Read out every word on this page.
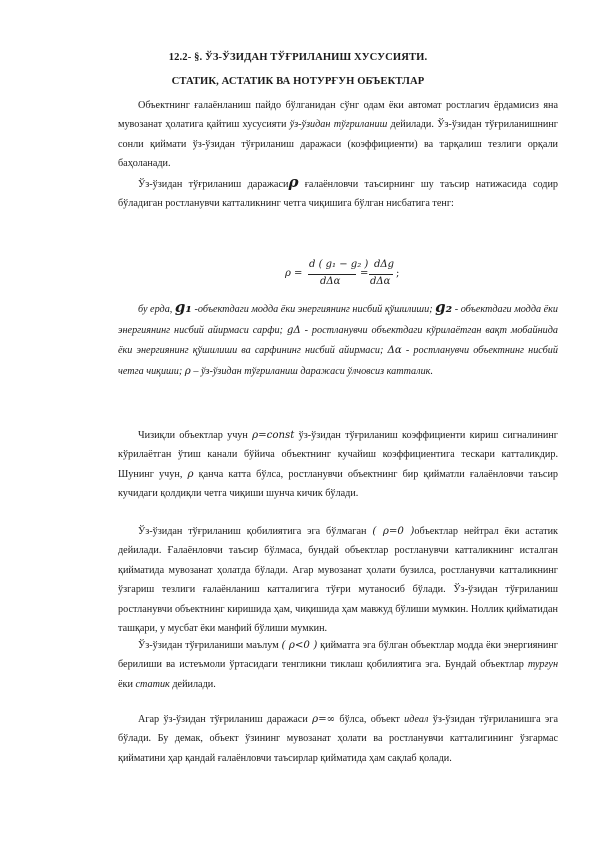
12.2- §. ЎЗ-ЎЗИДАН ТЎҒРИЛАНИШ ХУСУСИЯТИ.
СТАТИК, АСТАТИК ВА НОТУРҒУН ОБЪЕКТЛАР
Объектнинг ғалаёнланиш пайдо бўлганидан сўнг одам ёки автомат ростлагич ёрдамисиз яна мувозанат ҳолатига қайтиш хусусияти ўз-ўзидан тўғриланиш дейилади. Ўз-ўзидан тўғриланишнинг сонли қиймати ўз-ўзидан тўғриланиш даражаси (коэффициенти) ва тарқалиш тезлиги орқали баҳоланади.
Ўз-ўзидан тўғриланиш даражасиρ ғалаёнловчи таъсирнинг шу таъсир натижасида содир бўладиган ростланувчи катталикнинг четга чиқишига бўлган нисбатига тенг:
ρ =
d ( g₁ − g₂ )
dΔα
=
dΔg
dΔα
;
бу ерда, g₁ -объектдаги модда ёки энергиянинг нисбий қўшилиши; g₂ - объектдаги модда ёки энергиянинг нисбий айирмаси сарфи; gΔ - ростланувчи объектдаги кўрилаётган вақт мобайнида ёки энергиянинг қўшилиши ва сарфининг нисбий айирмаси; Δα - ростланувчи объектнинг нисбий четга чиқиши; ρ – ўз-ўзидан тўғриланиш даражаси ўлчовсиз катталик.
Чизиқли объектлар учун ρ=const ўз-ўзидан тўғриланиш коэффициенти кириш сигналининг кўрилаётган ўтиш канали бўйича объектнинг кучайиш коэффициентига тескари катталикдир. Шунинг учун, ρ қанча катта бўлса, ростланувчи объектнинг бир қийматли ғалаёнловчи таъсир кучидаги қолдиқли четга чиқиши шунча кичик бўлади.
Ўз-ўзидан тўғриланиш қобилиятига эга бўлмаган ( ρ=0 )объектлар нейтрал ёки астатик дейилади. Ғалаёнловчи таъсир бўлмаса, бундай объектлар ростланувчи катталикнинг исталган қийматида мувозанат ҳолатда бўлади. Агар мувозанат ҳолати бузилса, ростланувчи катталикнинг ўзгариш тезлиги ғалаёнланиш катталигига тўғри мутаносиб бўлади. Ўз-ўзидан тўғриланиш ростланувчи объектнинг киришида ҳам, чиқишида ҳам мавжуд бўлиши мумкин. Ноллик қийматидан ташқари, у мусбат ёки манфий бўлиши мумкин.
Ўз-ўзидан тўғриланиши маълум ( ρ<0 ) қийматга эга бўлган объектлар модда ёки энергиянинг берилиши ва истеъмоли ўртасидаги тенгликни тиклаш қобилиятига эга. Бундай объектлар турғун ёки статик дейилади.
Агар ўз-ўзидан тўғриланиш даражаси ρ=∞ бўлса, объект идеал ўз-ўзидан тўғриланишга эга бўлади. Бу демак, объект ўзининг мувозанат ҳолати ва ростланувчи катталигининг ўзгармас қийматини ҳар қандай ғалаёнловчи таъсирлар қийматида ҳам сақлаб қолади.
